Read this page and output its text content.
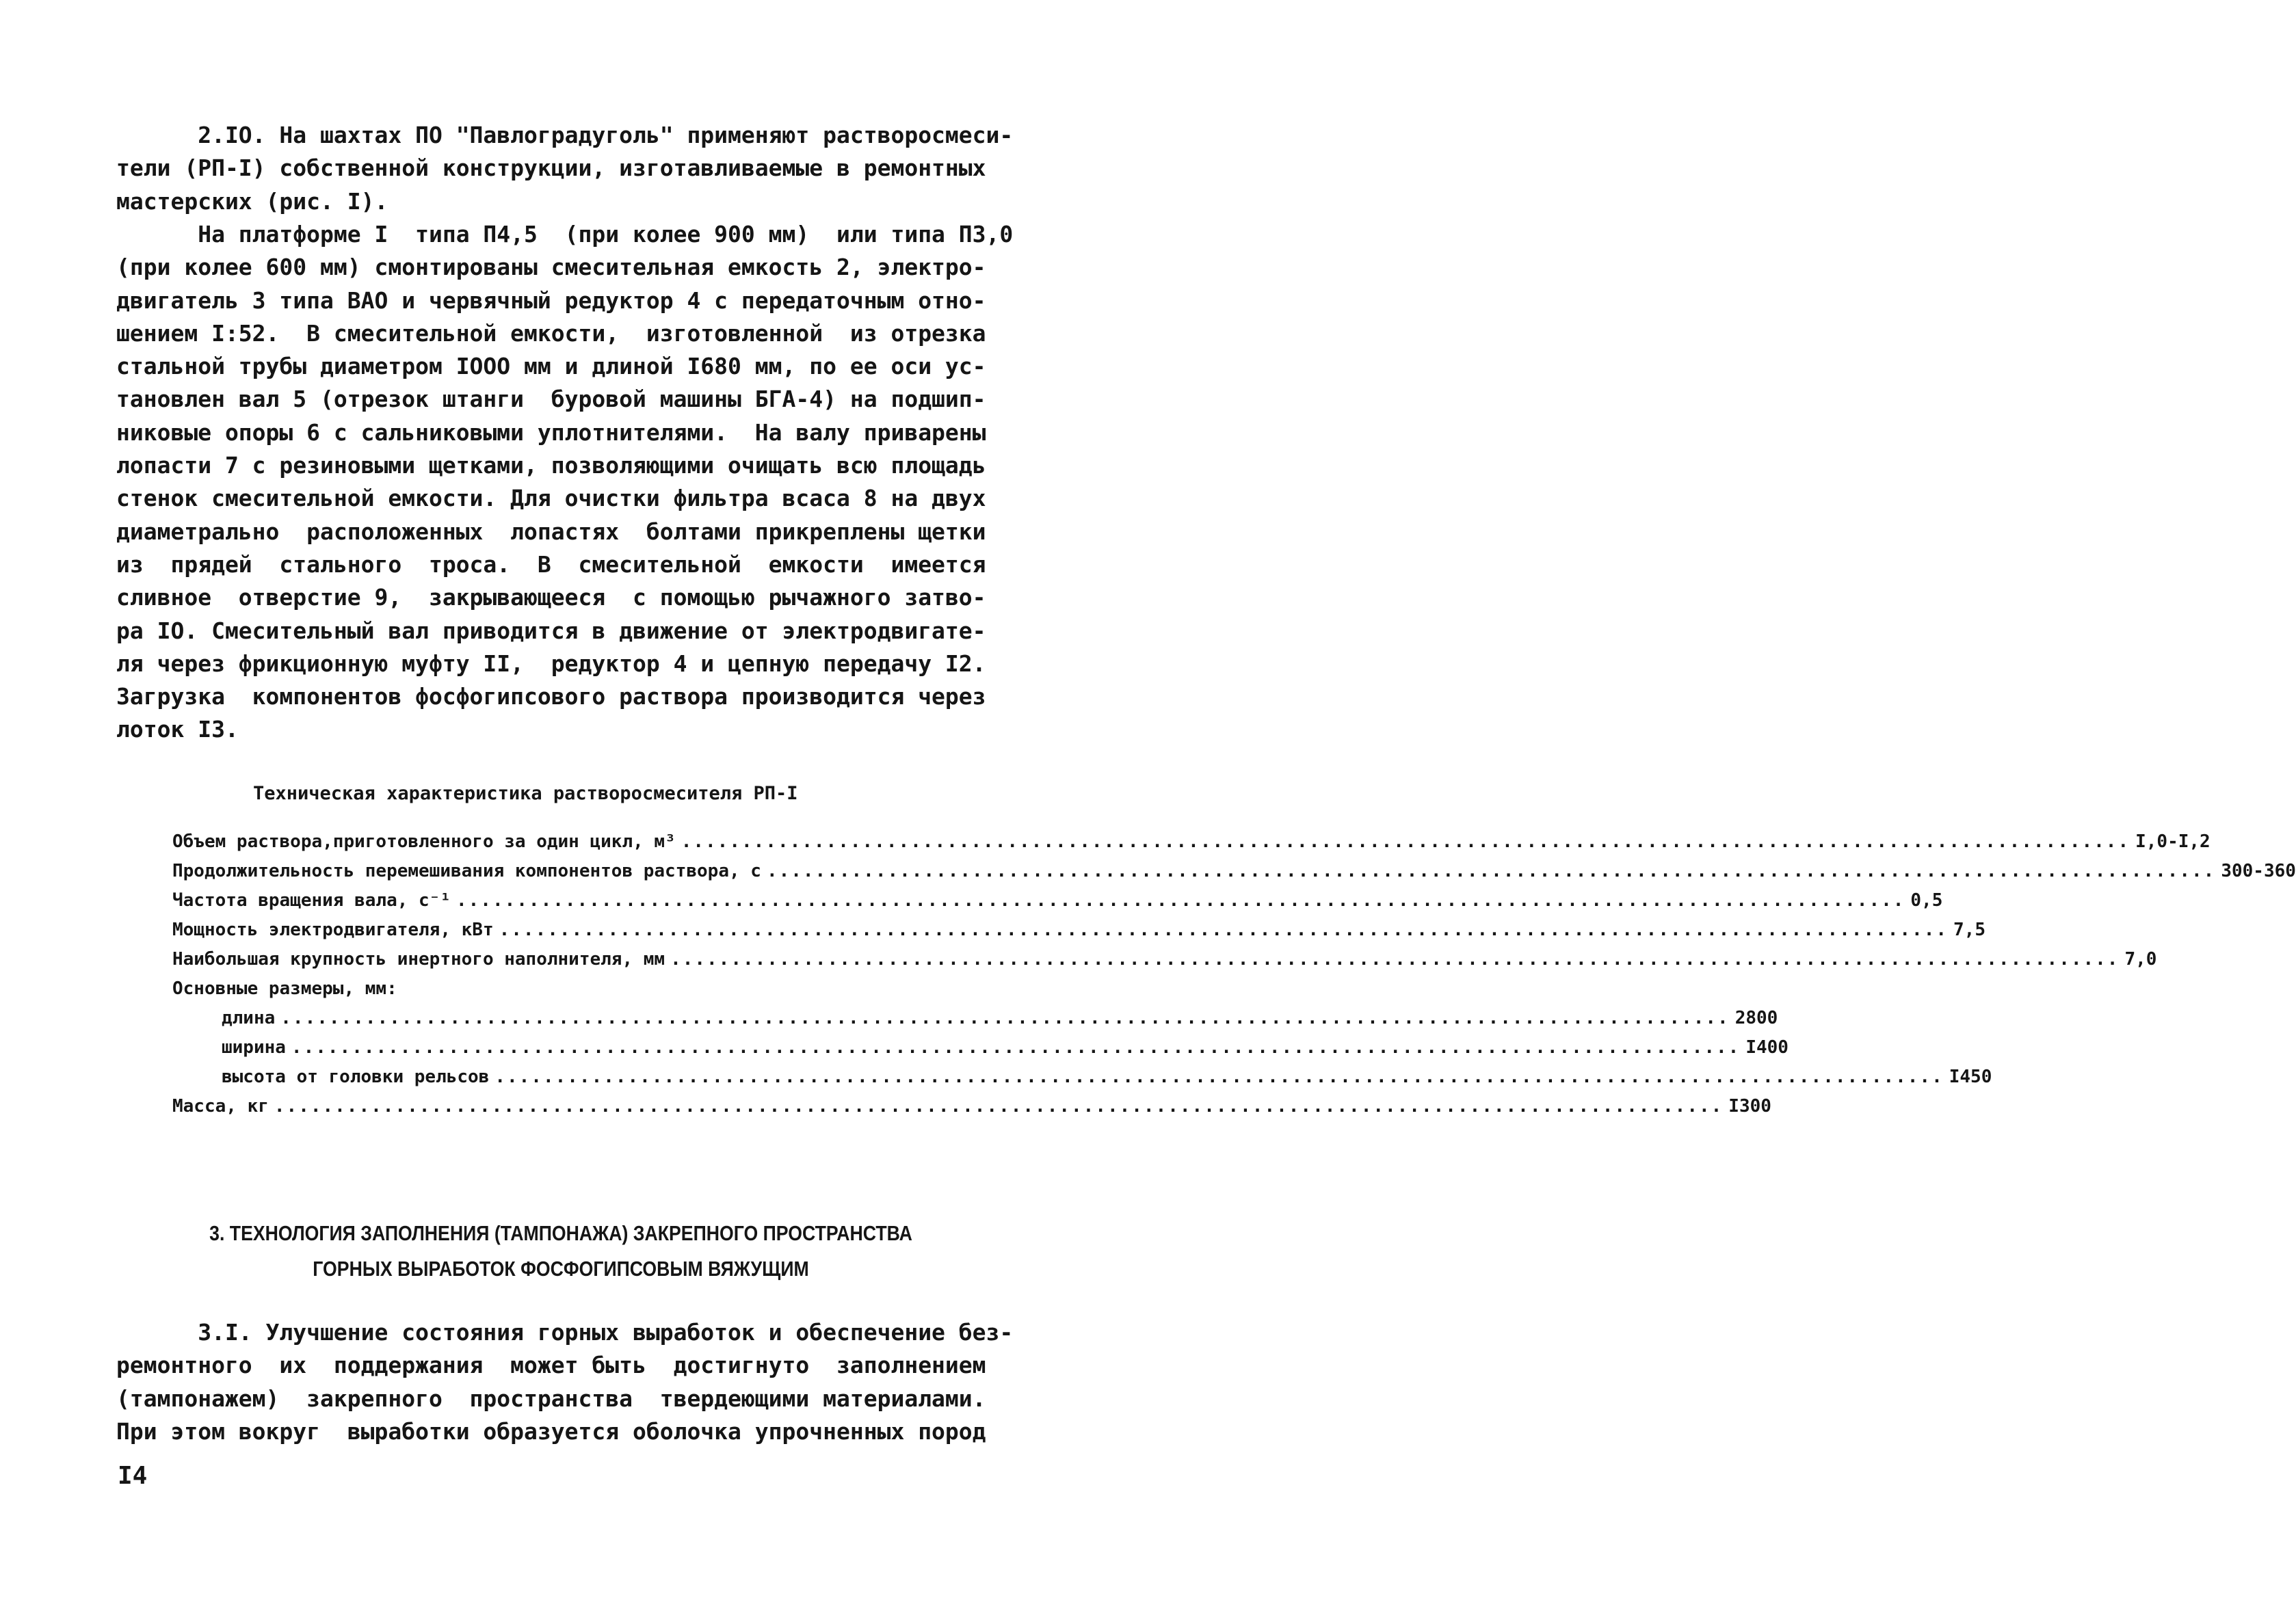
2.IO. На шахтах ПО "Павлоградуголь" применяют растворосмеси-
тели (РП-I) собственной конструкции, изготавливаемые в ремонтных
мастерских (рис. I).
На платформе I  типа П4,5  (при колее 900 мм)  или типа П3,0
(при колее 600 мм) смонтированы смесительная емкость 2, электро-
двигатель 3 типа ВАО и червячный редуктор 4 с передаточным отно-
шением I:52.  В смесительной емкости,  изготовленной  из отрезка
стальной трубы диаметром IOOO мм и длиной I680 мм, по ее оси ус-
тановлен вал 5 (отрезок штанги  буровой машины БГА-4) на подшип-
никовые опоры 6 с сальниковыми уплотнителями.  На валу приварены
лопасти 7 с резиновыми щетками, позволяющими очищать всю площадь
стенок смесительной емкости. Для очистки фильтра всаса 8 на двух
диаметрально  расположенных  лопастях  болтами прикреплены щетки
из  прядей  стального  троса.  В  смесительной  емкости  имеется
сливное  отверстие 9,  закрывающееся  с помощью рычажного затво-
ра IO. Смесительный вал приводится в движение от электродвигате-
ля через фрикционную муфту II,  редуктор 4 и цепную передачу I2.
Загрузка  компонентов фосфогипсового раствора производится через
лоток I3.
Техническая характеристика растворосмесителя РП-I
Объем раствора,приготовленного за один цикл, м³ ........................................................................................................................ I,0-I,2
Продолжительность перемешивания компонентов раствора, с ........................................................................................................................ 300-360
Частота вращения вала, с⁻¹ ........................................................................................................................ 0,5
Мощность электродвигателя, кВт ........................................................................................................................ 7,5
Наибольшая крупность инертного наполнителя, мм ........................................................................................................................ 7,0
Основные размеры, мм:
длина ........................................................................................................................ 2800
ширина ........................................................................................................................ I400
высота от головки рельсов ........................................................................................................................ I450
Масса, кг ........................................................................................................................ I300
3. ТЕХНОЛОГИЯ ЗАПОЛНЕНИЯ (ТАМПОНАЖА) ЗАКРЕПНОГО ПРОСТРАНСТВА
ГОРНЫХ ВЫРАБОТОК ФОСФОГИПСОВЫМ ВЯЖУЩИМ
3.I. Улучшение состояния горных выработок и обеспечение без-
ремонтного  их  поддержания  может быть  достигнуто  заполнением
(тампонажем)  закрепного  пространства  твердеющими материалами.
При этом вокруг  выработки образуется оболочка упрочненных пород
I4
